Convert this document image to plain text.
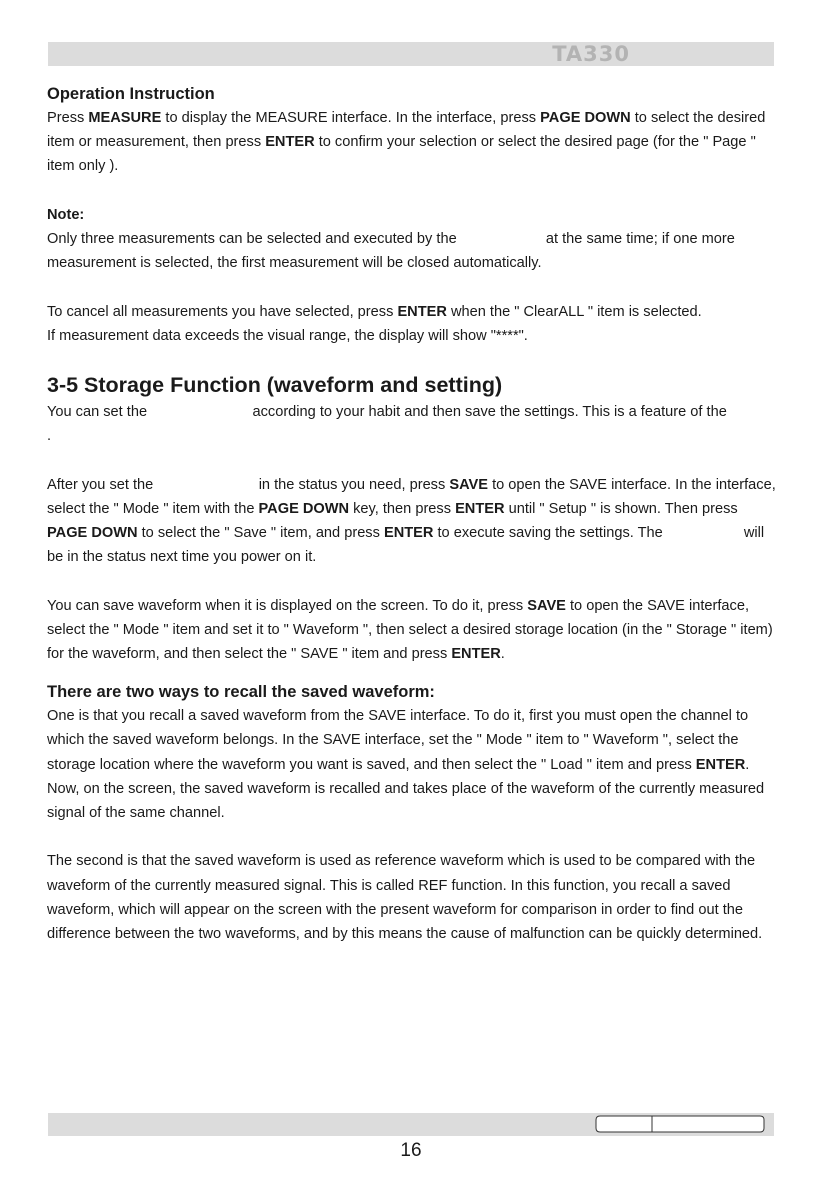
TA330
Operation Instruction

Press MEASURE to display the MEASURE interface. In the interface, press PAGE DOWN to select the desired item or measurement, then press ENTER to confirm your selection or select the desired page (for the " Page " item only ).

Note:

Only three measurements can be selected and executed by the                      at the same time; if one more measurement is selected, the first measurement will be closed automatically.

To cancel all measurements you have selected, press ENTER when the " ClearALL " item is selected.
If measurement data exceeds the visual range, the display will show "****".

3-5 Storage Function (waveform and setting)

You can set the                          according to your habit and then save the settings. This is a feature of the                    .

After you set the                          in the status you need, press SAVE to open the SAVE interface. In the interface, select the " Mode " item with the PAGE DOWN key, then press ENTER until " Setup " is shown. Then press PAGE DOWN to select the " Save " item, and press ENTER to execute saving the settings. The                    will be in the status next time you power on it.

You can save waveform when it is displayed on the screen. To do it, press SAVE to open the SAVE interface, select the " Mode " item and set it to " Waveform ", then select a desired storage location (in the " Storage " item) for the waveform, and then select the " SAVE " item and press ENTER.

There are two ways to recall the saved waveform:

One is that you recall a saved waveform from the SAVE interface. To do it, first you must open the channel to which the saved waveform belongs. In the SAVE interface, set the " Mode " item to " Waveform ", select the storage location where the waveform you want is saved, and then select the " Load " item and press ENTER. Now, on the screen, the saved waveform is recalled and takes place of the waveform of the currently measured signal of the same channel.

The second is that the saved waveform is used as reference waveform which is used to be compared with the waveform of the currently measured signal. This is called REF function. In this function, you recall a saved waveform, which will appear on the screen with the present waveform for comparison in order to find out the difference between the two waveforms, and by this means the cause of malfunction can be quickly determined.

16
